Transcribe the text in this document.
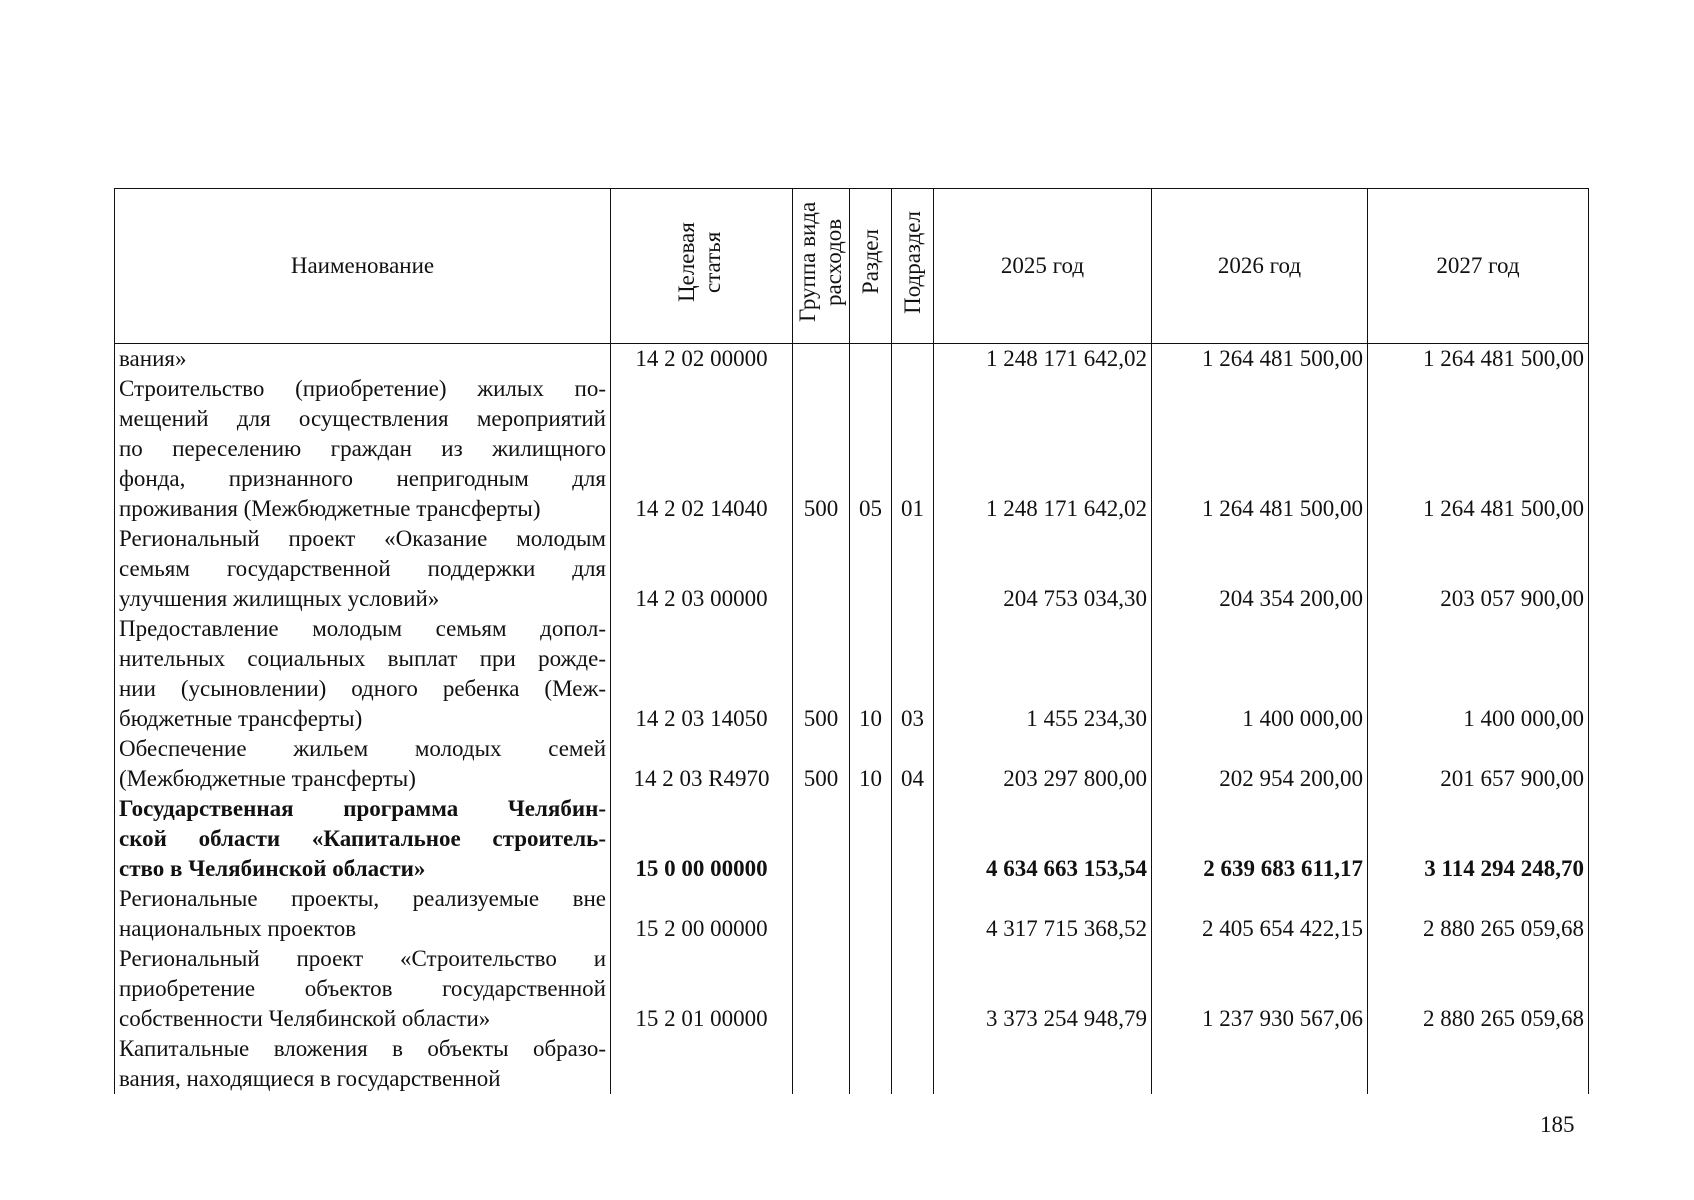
Наименование	Целевая статья	Группа вида расходов	Раздел	Подраздел	2025 год	2026 год	2027 год

вания»	14 2 02 00000				1 248 171 642,02	1 264 481 500,00	1 264 481 500,00

Строительство (приобретение) жилых по-
мещений для осуществления мероприятий
по переселению граждан из жилищного
фонда, признанного непригодным для
проживания (Межбюджетные трансферты)	14 2 02 14040	500	05	01	1 248 171 642,02	1 264 481 500,00	1 264 481 500,00

Региональный проект «Оказание молодым
семьям государственной поддержки для
улучшения жилищных условий»	14 2 03 00000				204 753 034,30	204 354 200,00	203 057 900,00

Предоставление молодым семьям допол-
нительных социальных выплат при рожде-
нии (усыновлении) одного ребенка (Меж-
бюджетные трансферты)	14 2 03 14050	500	10	03	1 455 234,30	1 400 000,00	1 400 000,00

Обеспечение жильем молодых семей
(Межбюджетные трансферты)	14 2 03 R4970	500	10	04	203 297 800,00	202 954 200,00	201 657 900,00

Государственная программа Челябин-
ской области «Капитальное строитель-
ство в Челябинской области»	15 0 00 00000				4 634 663 153,54	2 639 683 611,17	3 114 294 248,70

Региональные проекты, реализуемые вне
национальных проектов	15 2 00 00000				4 317 715 368,52	2 405 654 422,15	2 880 265 059,68

Региональный проект «Строительство и
приобретение объектов государственной
собственности Челябинской области»	15 2 01 00000				3 373 254 948,79	1 237 930 567,06	2 880 265 059,68

Капитальные вложения в объекты образо-
вания, находящиеся в государственной							

185
